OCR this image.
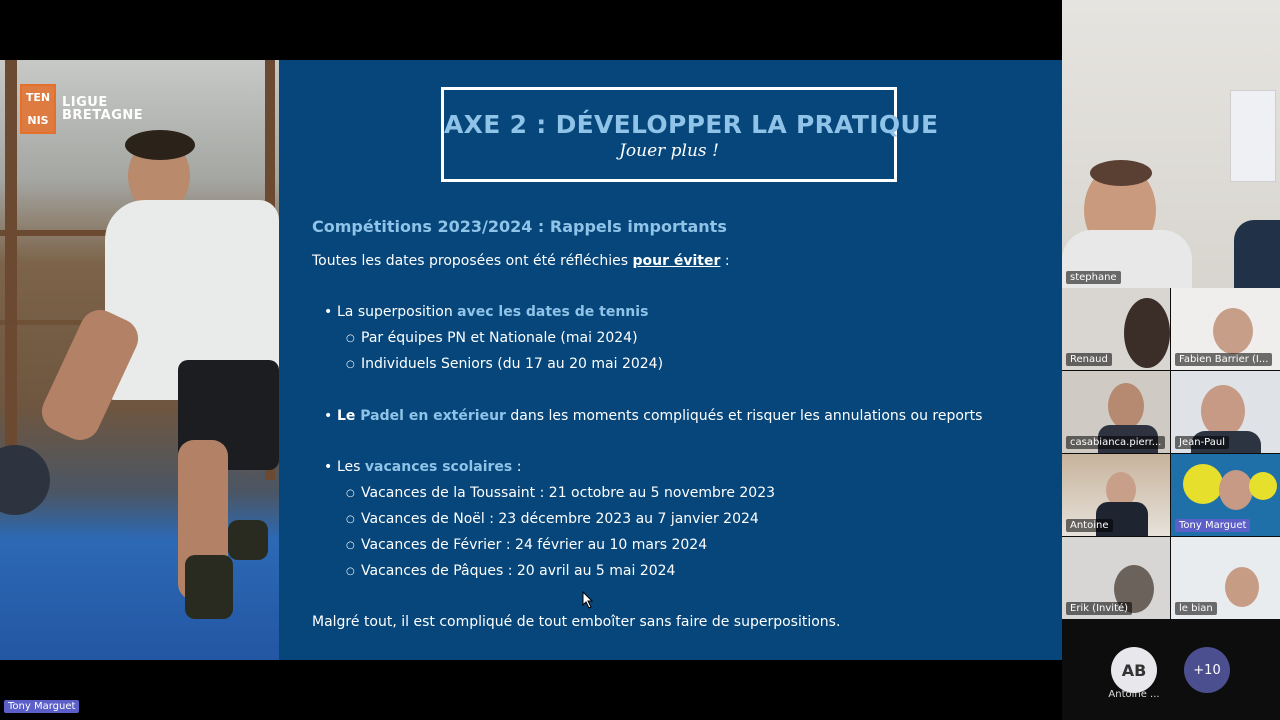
TEN
NIS
LIGUE
BRETAGNE	AXE 2 : DÉVELOPPER LA PRATIQUE
Jouer plus !
Compétitions 2023/2024 : Rappels importants
Toutes les dates proposées ont été réfléchies pour éviter :
• La superposition avec les dates de tennis
○ Par équipes PN et Nationale (mai 2024)
○ Individuels Seniors (du 17 au 20 mai 2024)
• Le Padel en extérieur dans les moments compliqués et risquer les annulations ou reports
• Les vacances scolaires :
○ Vacances de la Toussaint : 21 octobre au 5 novembre 2023
○ Vacances de Noël : 23 décembre 2023 au 7 janvier 2024
○ Vacances de Février : 24 février au 10 mars 2024
○ Vacances de Pâques : 20 avril au 5 mai 2024
Malgré tout, il est compliqué de tout emboîter sans faire de superpositions.
Tony Marguet
stephane
Renaud	Fabien Barrier (I...
casabianca.pierr...	Jean-Paul
Antoine	Tony Marguet
Erik (Invité)	le bian
AB
Antoine ...
+10
